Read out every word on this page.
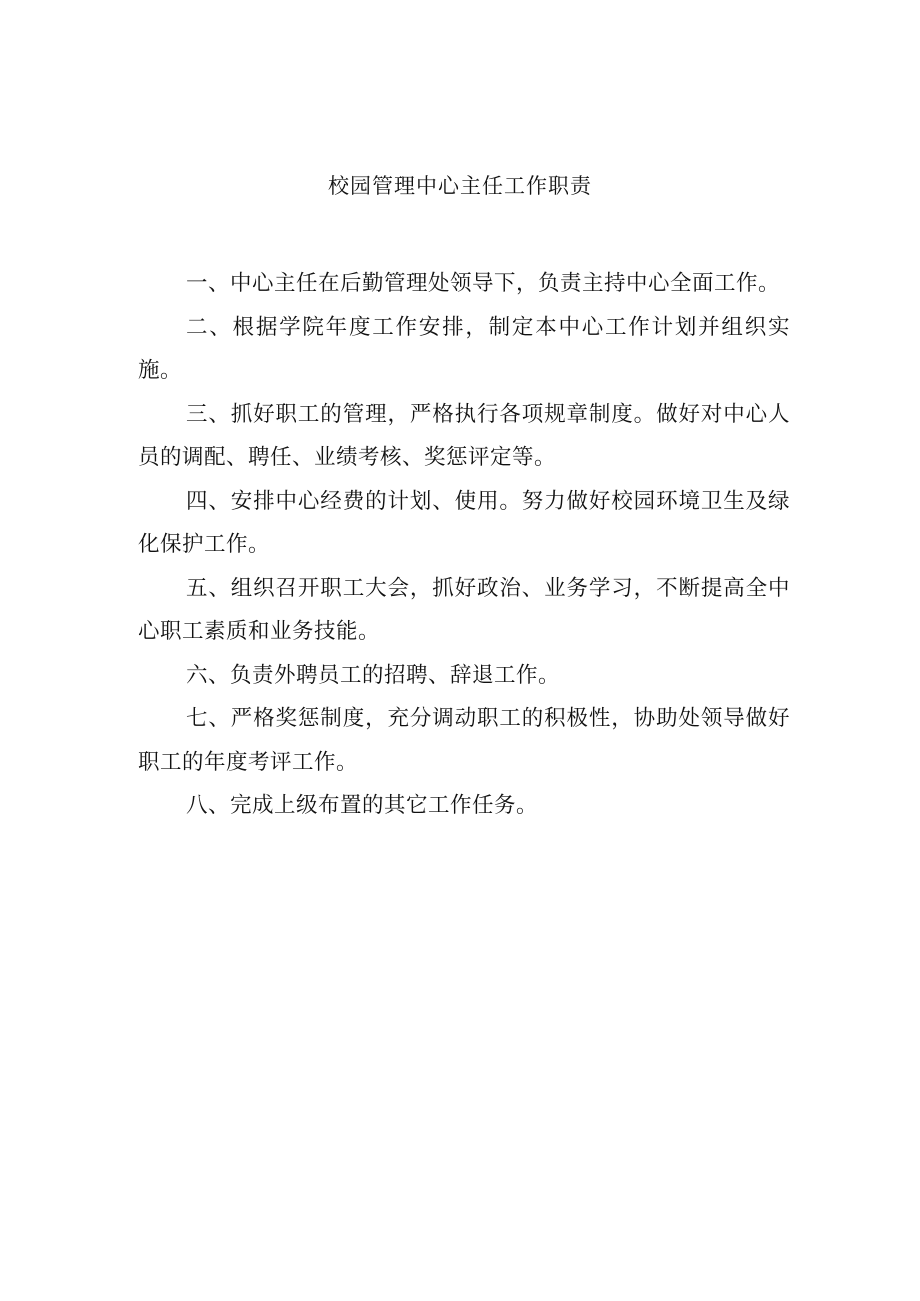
校园管理中心主任工作职责

一、中心主任在后勤管理处领导下，负责主持中心全面工作。

二、根据学院年度工作安排，制定本中心工作计划并组织实施。

三、抓好职工的管理，严格执行各项规章制度。做好对中心人员的调配、聘任、业绩考核、奖惩评定等。

四、安排中心经费的计划、使用。努力做好校园环境卫生及绿化保护工作。

五、组织召开职工大会，抓好政治、业务学习，不断提高全中心职工素质和业务技能。

六、负责外聘员工的招聘、辞退工作。

七、严格奖惩制度，充分调动职工的积极性，协助处领导做好职工的年度考评工作。

八、完成上级布置的其它工作任务。
